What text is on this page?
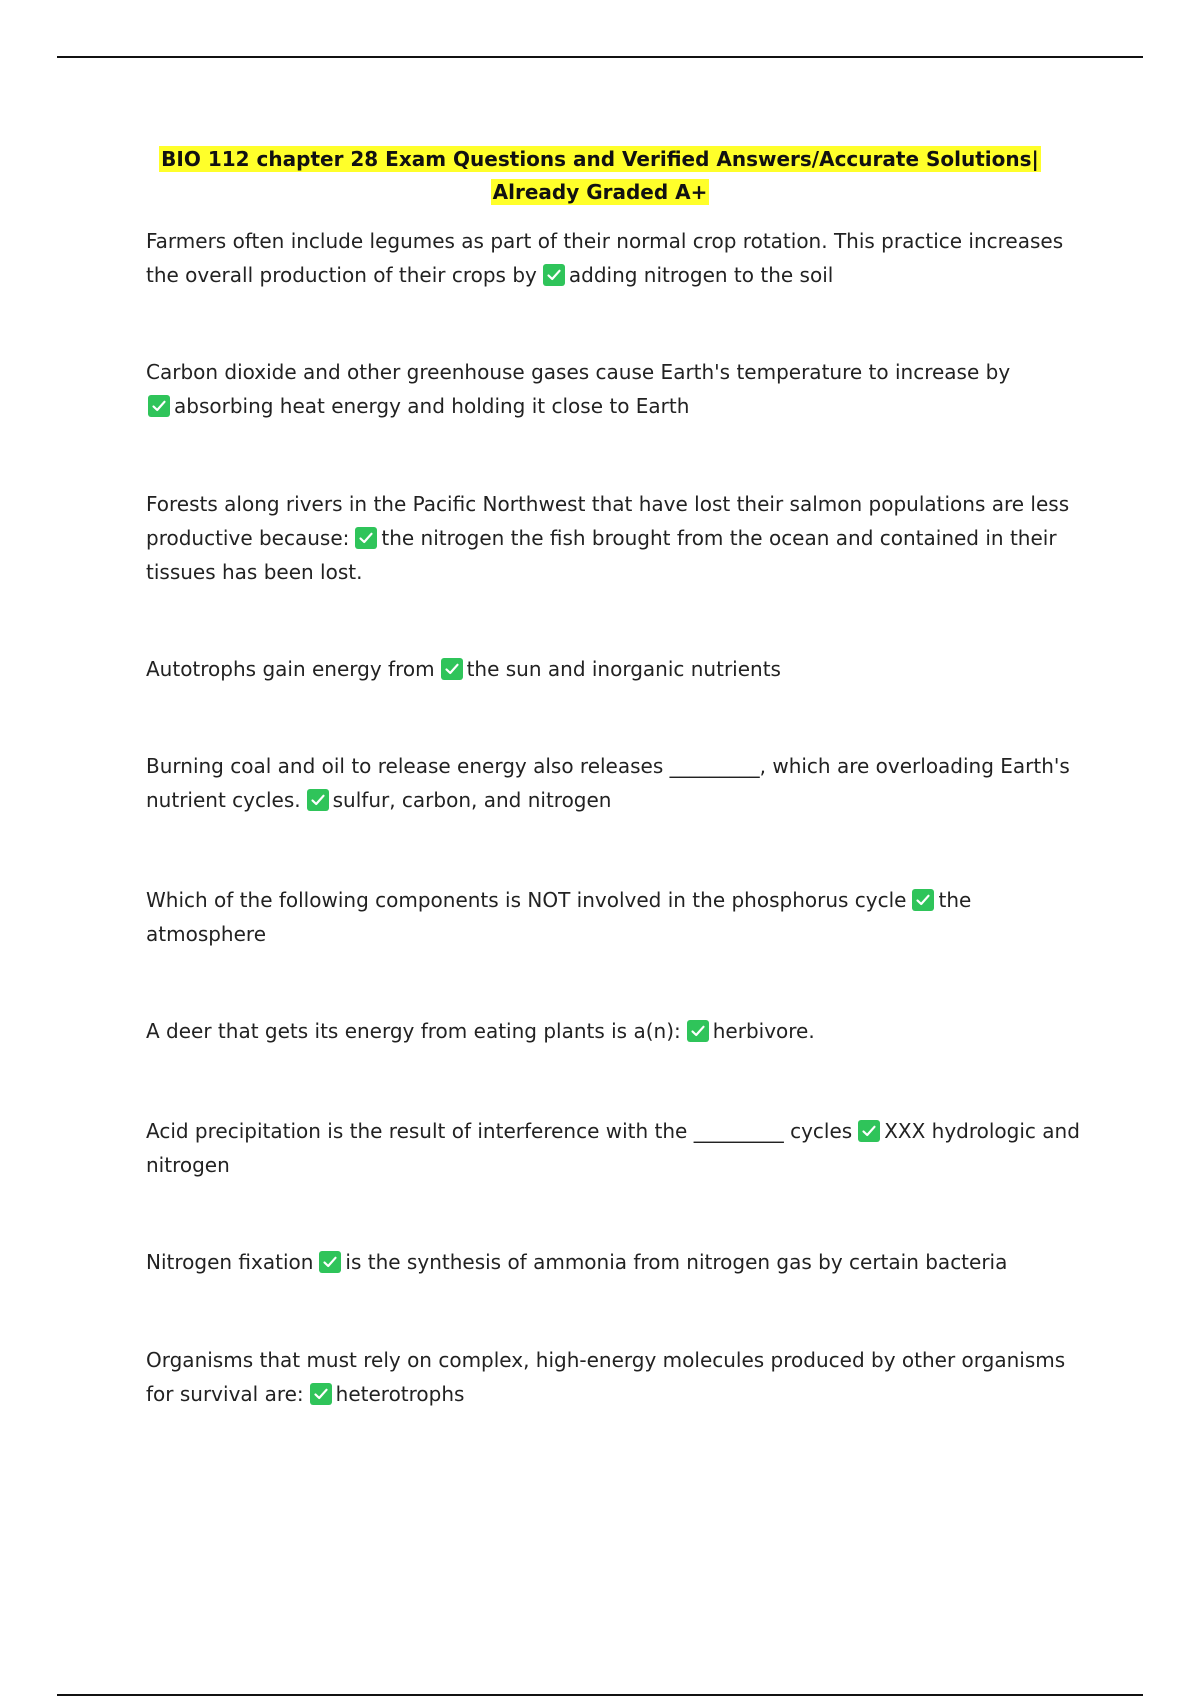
BIO 112 chapter 28 Exam Questions and Verified Answers/Accurate Solutions| Already Graded A+
Farmers often include legumes as part of their normal crop rotation. This practice increases the overall production of their crops by adding nitrogen to the soil
Carbon dioxide and other greenhouse gases cause Earth's temperature to increase by

absorbing heat energy and holding it close to Earth
Forests along rivers in the Pacific Northwest that have lost their salmon populations are less productive because: the nitrogen the fish brought from the ocean and contained in their tissues has been lost.
Autotrophs gain energy from the sun and inorganic nutrients
Burning coal and oil to release energy also releases _________, which are overloading Earth's nutrient cycles. sulfur, carbon, and nitrogen
Which of the following components is NOT involved in the phosphorus cycle the atmosphere
A deer that gets its energy from eating plants is a(n): herbivore.
Acid precipitation is the result of interference with the _________ cycles XXX hydrologic and nitrogen
Nitrogen fixation is the synthesis of ammonia from nitrogen gas by certain bacteria
Organisms that must rely on complex, high-energy molecules produced by other organisms for survival are: heterotrophs
